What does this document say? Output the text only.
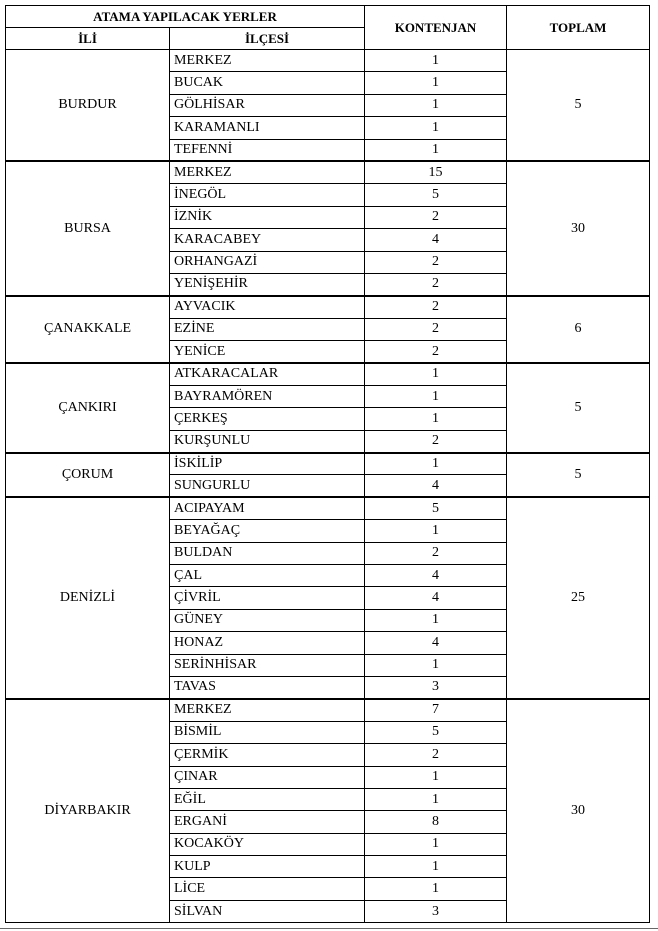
ATAMA YAPILACAK YERLER		KONTENJAN	TOPLAM
İLİ	İLÇESİ		
BURDUR	MERKEZ	1	5
	BUCAK	1	
	GÖLHİSAR	1	
	KARAMANLI	1	
	TEFENNİ	1	
BURSA	MERKEZ	15	30
	İNEGÖL	5	
	İZNİK	2	
	KARACABEY	4	
	ORHANGAZİ	2	
	YENİŞEHİR	2	
ÇANAKKALE	AYVACIK	2	6
	EZİNE	2	
	YENİCE	2	
ÇANKIRI	ATKARACALAR	1	5
	BAYRAMÖREN	1	
	ÇERKEŞ	1	
	KURŞUNLU	2	
ÇORUM	İSKİLİP	1	5
	SUNGURLU	4	
DENİZLİ	ACIPAYAM	5	25
	BEYAĞAÇ	1	
	BULDAN	2	
	ÇAL	4	
	ÇİVRİL	4	
	GÜNEY	1	
	HONAZ	4	
	SERİNHİSAR	1	
	TAVAS	3	
DİYARBAKIR	MERKEZ	7	30
	BİSMİL	5	
	ÇERMİK	2	
	ÇINAR	1	
	EĞİL	1	
	ERGANİ	8	
	KOCAKÖY	1	
	KULP	1	
	LİCE	1	
	SİLVAN	3	
